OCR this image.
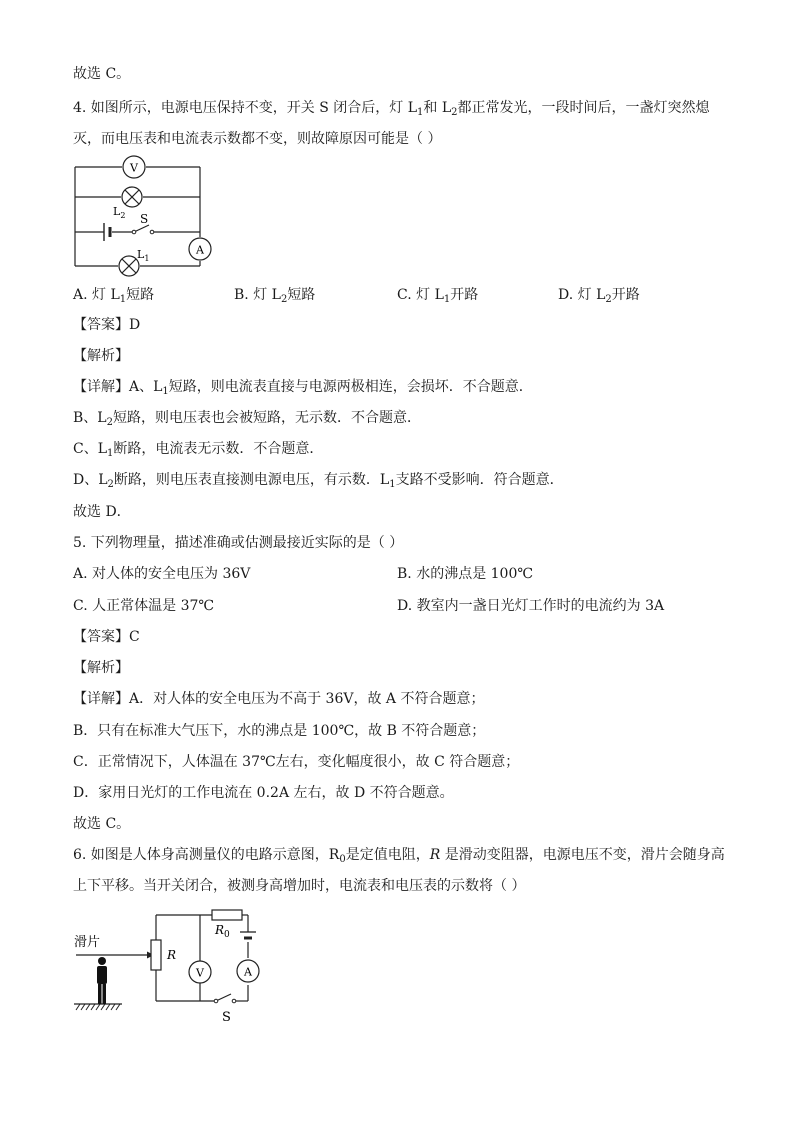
故选 C。
4. 如图所示，电源电压保持不变，开关 S 闭合后，灯 $L_1$和 $L_2$都正常发光，一段时间后，一盏灯突然熄
灭，而电压表和电流表示数都不变，则故障原因可能是（ ）
S
V
$L_2$
A
$L_1$
A. 灯 $L_1$短路	B. 灯 $L_2$短路	C. 灯 $L_1$开路	D. 灯 $L_2$开路
【答案】D
【解析】
【详解】A、$L_1$短路，则电流表直接与电源两极相连，会损坏．不合题意．
B、$L_2$短路，则电压表也会被短路，无示数．不合题意．
C、$L_1$断路，电流表无示数．不合题意．
D、$L_2$断路，则电压表直接测电源电压，有示数．$L_1$支路不受影响．符合题意．
故选 D．
5. 下列物理量，描述准确或估测最接近实际的是（ ）
A. 对人体的安全电压为 36V	B. 水的沸点是 100℃
C. 人正常体温是 37℃	D. 教室内一盏日光灯工作时的电流约为 3A
【答案】C
【解析】
【详解】A．对人体的安全电压为不高于 36V，故 A 不符合题意；
B．只有在标准大气压下，水的沸点是 100℃，故 B 不符合题意；
C．正常情况下，人体温在 37℃左右，变化幅度很小，故 C 符合题意；
D．家用日光灯的工作电流在 0.2A 左右，故 D 不符合题意。
故选 C。
6. 如图是人体身高测量仪的电路示意图，$R_0$是定值电阻，R 是滑动变阻器，电源电压不变，滑片会随身高
上下平移。当开关闭合，被测身高增加时，电流表和电压表的示数将（ ）
滑片
R
$R_0$
V	A
S
